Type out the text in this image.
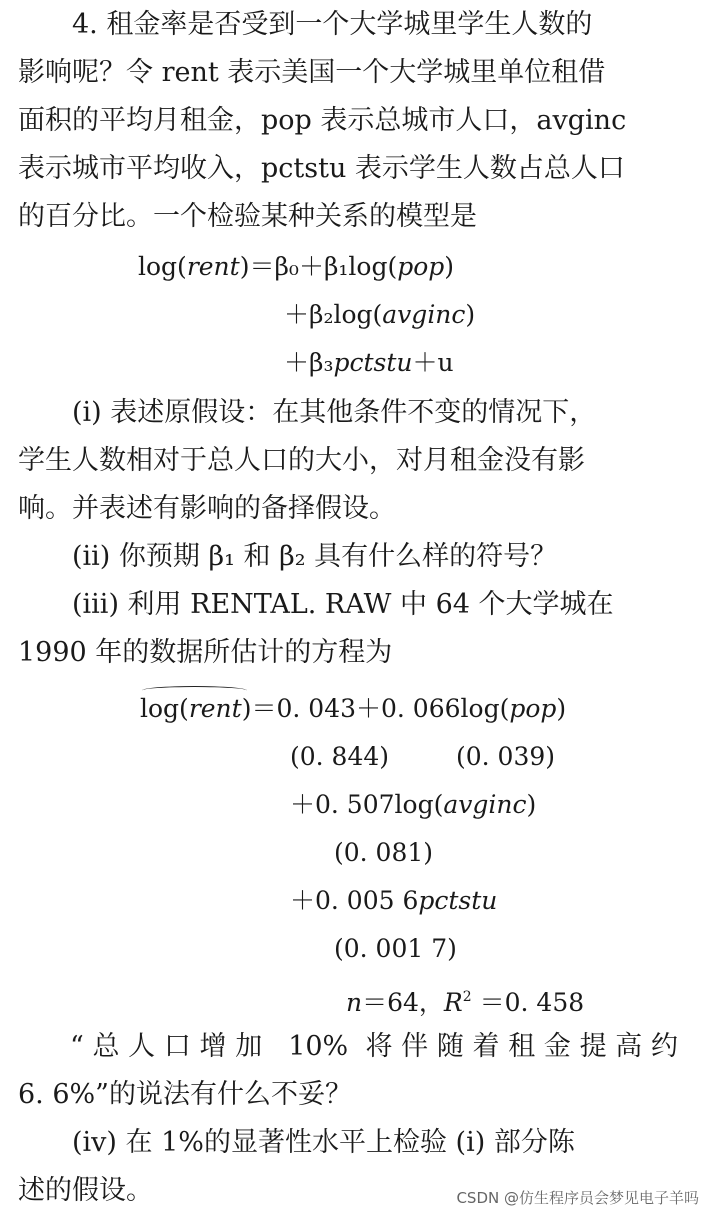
4. 租金率是否受到一个大学城里学生人数的
影响呢？令 rent 表示美国一个大学城里单位租借
面积的平均月租金，pop 表示总城市人口，avginc
表示城市平均收入，pctstu 表示学生人数占总人口
的百分比。一个检验某种关系的模型是
log(rent)＝β₀＋β₁log(pop)
＋β₂log(avginc)
＋β₃pctstu＋u
(i) 表述原假设：在其他条件不变的情况下，
学生人数相对于总人口的大小，对月租金没有影
响。并表述有影响的备择假设。
(ii) 你预期 β₁ 和 β₂ 具有什么样的符号？
(iii) 利用 RENTAL. RAW 中 64 个大学城在
1990 年的数据所估计的方程为
log(rent)＝0. 043＋0. 066log(pop)
(0. 844)	(0. 039)
＋0. 507log(avginc)
(0. 081)
＋0. 005 6pctstu
(0. 001 7)
n＝64，$R^2 =0$. 458
“总人口增加 10% 将伴随着租金提高约
6. 6%”的说法有什么不妥？
(iv) 在 1%的显著性水平上检验 (i) 部分陈
述的假设。	CSDN @仿生程序员会梦见电子羊吗
